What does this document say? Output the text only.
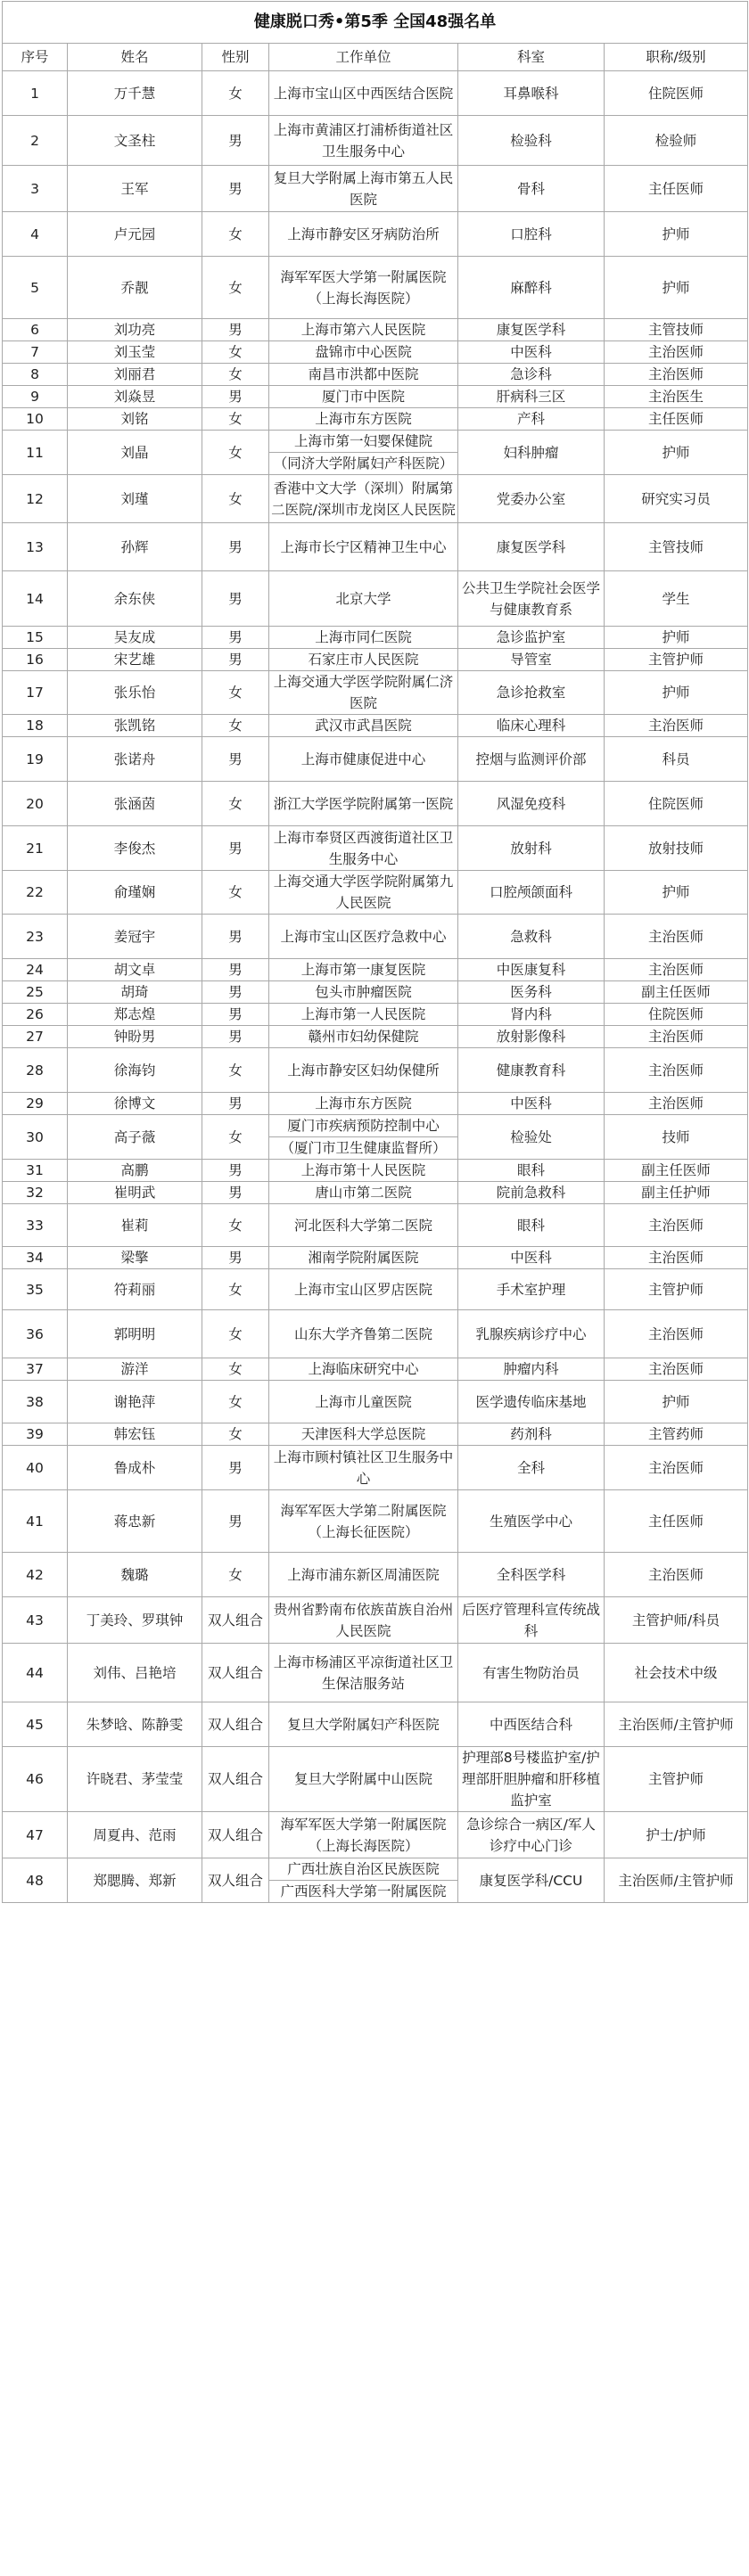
健康脱口秀•第5季 全国48强名单					
序号	姓名	性别	工作单位	科室	职称/级别
1	万千慧	女	上海市宝山区中西医结合医院	耳鼻喉科	住院医师
2	文圣柱	男	上海市黄浦区打浦桥街道社区卫生服务中心	检验科	检验师
3	王军	男	复旦大学附属上海市第五人民医院	骨科	主任医师
4	卢元园	女	上海市静安区牙病防治所	口腔科	护师
5	乔靓	女	海军军医大学第一附属医院（上海长海医院）	麻醉科	护师
6	刘功亮	男	上海市第六人民医院	康复医学科	主管技师
7	刘玉莹	女	盘锦市中心医院	中医科	主治医师
8	刘丽君	女	南昌市洪都中医院	急诊科	主治医师
9	刘焱昱	男	厦门市中医院	肝病科三区	主治医生
10	刘铭	女	上海市东方医院	产科	主任医师
11	刘晶	女	上海市第一妇婴保健院	妇科肿瘤	护师
			（同济大学附属妇产科医院）		
12	刘瑾	女	香港中文大学（深圳）附属第二医院/深圳市龙岗区人民医院	党委办公室	研究实习员
13	孙辉	男	上海市长宁区精神卫生中心	康复医学科	主管技师
14	余东侠	男	北京大学	公共卫生学院社会医学与健康教育系	学生
15	吴友成	男	上海市同仁医院	急诊监护室	护师
16	宋艺雄	男	石家庄市人民医院	导管室	主管护师
17	张乐怡	女	上海交通大学医学院附属仁济医院	急诊抢救室	护师
18	张凯铭	女	武汉市武昌医院	临床心理科	主治医师
19	张诺舟	男	上海市健康促进中心	控烟与监测评价部	科员
20	张涵茵	女	浙江大学医学院附属第一医院	风湿免疫科	住院医师
21	李俊杰	男	上海市奉贤区西渡街道社区卫生服务中心	放射科	放射技师
22	俞瑾娴	女	上海交通大学医学院附属第九人民医院	口腔颅颌面科	护师
23	姜冠宇	男	上海市宝山区医疗急救中心	急救科	主治医师
24	胡文卓	男	上海市第一康复医院	中医康复科	主治医师
25	胡琦	男	包头市肿瘤医院	医务科	副主任医师
26	郑志煌	男	上海市第一人民医院	肾内科	住院医师
27	钟盼男	男	赣州市妇幼保健院	放射影像科	主治医师
28	徐海钧	女	上海市静安区妇幼保健所	健康教育科	主治医师
29	徐博文	男	上海市东方医院	中医科	主治医师
30	高子薇	女	厦门市疾病预防控制中心	检验处	技师
			（厦门市卫生健康监督所）		
31	高鹏	男	上海市第十人民医院	眼科	副主任医师
32	崔明武	男	唐山市第二医院	院前急救科	副主任护师
33	崔莉	女	河北医科大学第二医院	眼科	主治医师
34	梁擎	男	湘南学院附属医院	中医科	主治医师
35	符莉丽	女	上海市宝山区罗店医院	手术室护理	主管护师
36	郭明明	女	山东大学齐鲁第二医院	乳腺疾病诊疗中心	主治医师
37	游洋	女	上海临床研究中心	肿瘤内科	主治医师
38	谢艳萍	女	上海市儿童医院	医学遗传临床基地	护师
39	韩宏钰	女	天津医科大学总医院	药剂科	主管药师
40	鲁成朴	男	上海市顾村镇社区卫生服务中心	全科	主治医师
41	蒋忠新	男	海军军医大学第二附属医院（上海长征医院）	生殖医学中心	主任医师
42	魏璐	女	上海市浦东新区周浦医院	全科医学科	主治医师
43	丁美玲、罗琪钟	双人组合	贵州省黔南布依族苗族自治州人民医院	后医疗管理科宣传统战科	主管护师/科员
44	刘伟、吕艳培	双人组合	上海市杨浦区平凉街道社区卫生保洁服务站	有害生物防治员	社会技术中级
45	朱梦晗、陈静雯	双人组合	复旦大学附属妇产科医院	中西医结合科	主治医师/主管护师
46	许晓君、茅莹莹	双人组合	复旦大学附属中山医院	护理部8号楼监护室/护理部肝胆肿瘤和肝移植监护室	主管护师
47	周夏冉、范雨	双人组合	海军军医大学第一附属医院（上海长海医院）	急诊综合一病区/军人诊疗中心门诊	护士/护师
48	郑腮腾、郑新	双人组合	广西壮族自治区民族医院	康复医学科/CCU	主治医师/主管护师
			广西医科大学第一附属医院		
